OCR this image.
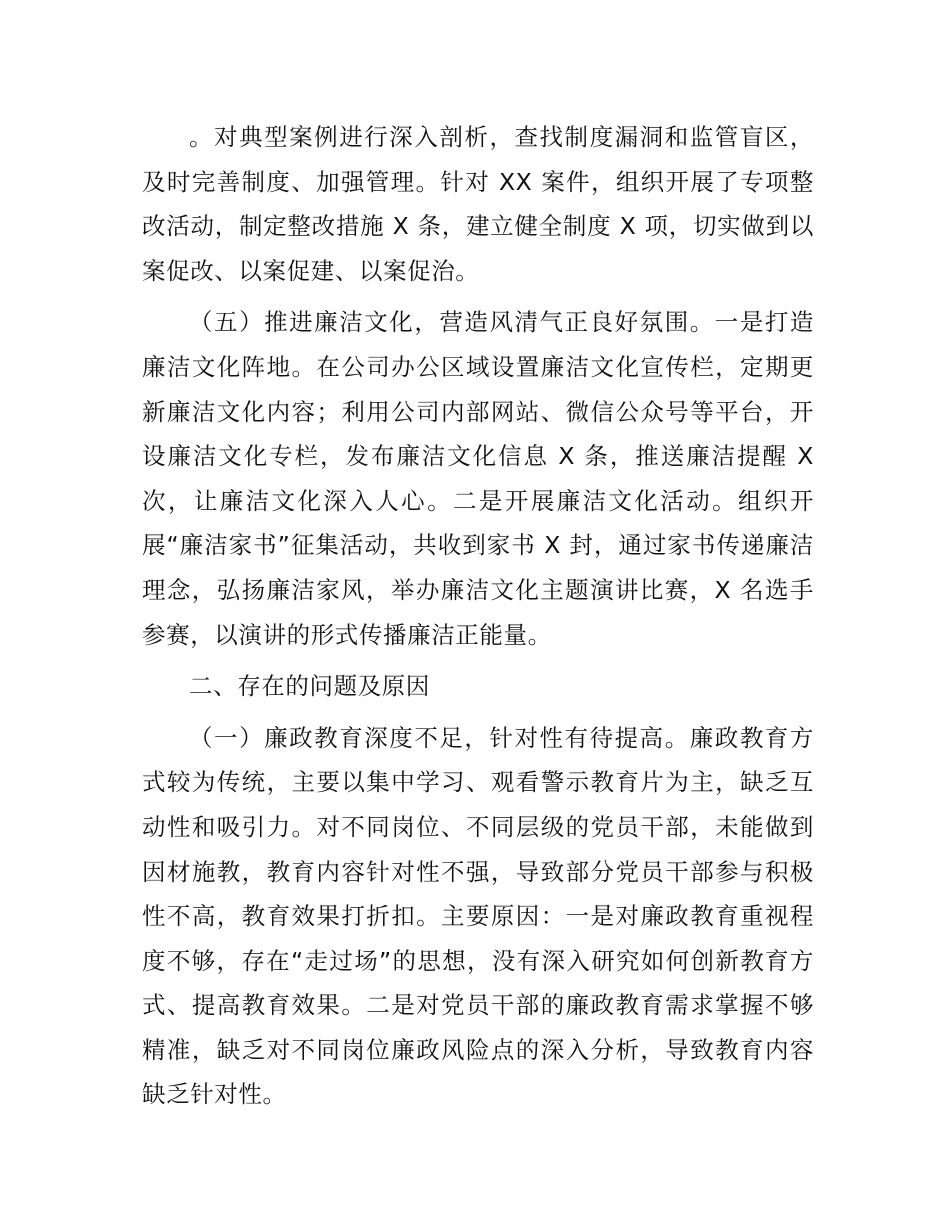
。对典型案例进行深入剖析，查找制度漏洞和监管盲区，及时完善制度、加强管理。针对 XX 案件，组织开展了专项整改活动，制定整改措施 X 条，建立健全制度 X 项，切实做到以案促改、以案促建、以案促治。

（五）推进廉洁文化，营造风清气正良好氛围。一是打造廉洁文化阵地。在公司办公区域设置廉洁文化宣传栏，定期更新廉洁文化内容；利用公司内部网站、微信公众号等平台，开设廉洁文化专栏，发布廉洁文化信息 X 条，推送廉洁提醒 X 次，让廉洁文化深入人心。二是开展廉洁文化活动。组织开展“廉洁家书”征集活动，共收到家书 X 封，通过家书传递廉洁理念，弘扬廉洁家风，举办廉洁文化主题演讲比赛，X 名选手参赛，以演讲的形式传播廉洁正能量。

二、存在的问题及原因

（一）廉政教育深度不足，针对性有待提高。廉政教育方式较为传统，主要以集中学习、观看警示教育片为主，缺乏互动性和吸引力。对不同岗位、不同层级的党员干部，未能做到因材施教，教育内容针对性不强，导致部分党员干部参与积极性不高，教育效果打折扣。主要原因：一是对廉政教育重视程度不够，存在“走过场”的思想，没有深入研究如何创新教育方式、提高教育效果。二是对党员干部的廉政教育需求掌握不够精准，缺乏对不同岗位廉政风险点的深入分析，导致教育内容缺乏针对性。
